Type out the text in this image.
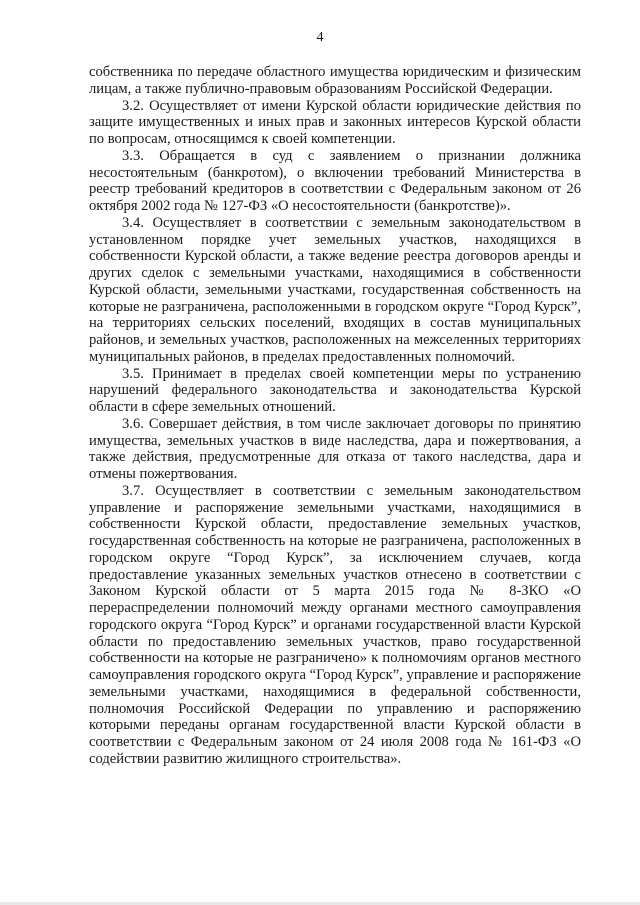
4

собственника по передаче областного имущества юридическим и физическим лицам, а также публично-правовым образованиям Российской Федерации.

3.2. Осуществляет от имени Курской области юридические действия по защите имущественных и иных прав и законных интересов Курской области по вопросам, относящимся к своей компетенции.

3.3. Обращается в суд с заявлением о признании должника несостоятельным (банкротом), о включении требований Министерства в реестр требований кредиторов в соответствии с Федеральным законом от 26 октября 2002 года № 127-ФЗ «О несостоятельности (банкротстве)».

3.4. Осуществляет в соответствии с земельным законодательством в установленном порядке учет земельных участков, находящихся в собственности Курской области, а также ведение реестра договоров аренды и других сделок с земельными участками, находящимися в собственности Курской области, земельными участками, государственная собственность на которые не разграничена, расположенными в городском округе “Город Курск”, на территориях сельских поселений, входящих в состав муниципальных районов, и земельных участков, расположенных на межселенных территориях муниципальных районов, в пределах предоставленных полномочий.

3.5. Принимает в пределах своей компетенции меры по устранению нарушений федерального законодательства и законодательства Курской области в сфере земельных отношений.

3.6. Совершает действия, в том числе заключает договоры по принятию имущества, земельных участков в виде наследства, дара и пожертвования, а также действия, предусмотренные для отказа от такого наследства, дара и отмены пожертвования.

3.7. Осуществляет в соответствии с земельным законодательством управление и распоряжение земельными участками, находящимися в собственности Курской области, предоставление земельных участков, государственная собственность на которые не разграничена, расположенных в городском округе “Город Курск”, за исключением случаев, когда предоставление указанных земельных участков отнесено в соответствии с Законом Курской области от 5 марта 2015 года № 8-ЗКО «О перераспределении полномочий между органами местного самоуправления городского округа “Город Курск” и органами государственной власти Курской области по предоставлению земельных участков, право государственной собственности на которые не разграничено» к полномочиям органов местного самоуправления городского округа “Город Курск”, управление и распоряжение земельными участками, находящимися в федеральной собственности, полномочия Российской Федерации по управлению и распоряжению которыми переданы органам государственной власти Курской области в соответствии с Федеральным законом от 24 июля 2008 года № 161-ФЗ «О содействии развитию жилищного строительства».
